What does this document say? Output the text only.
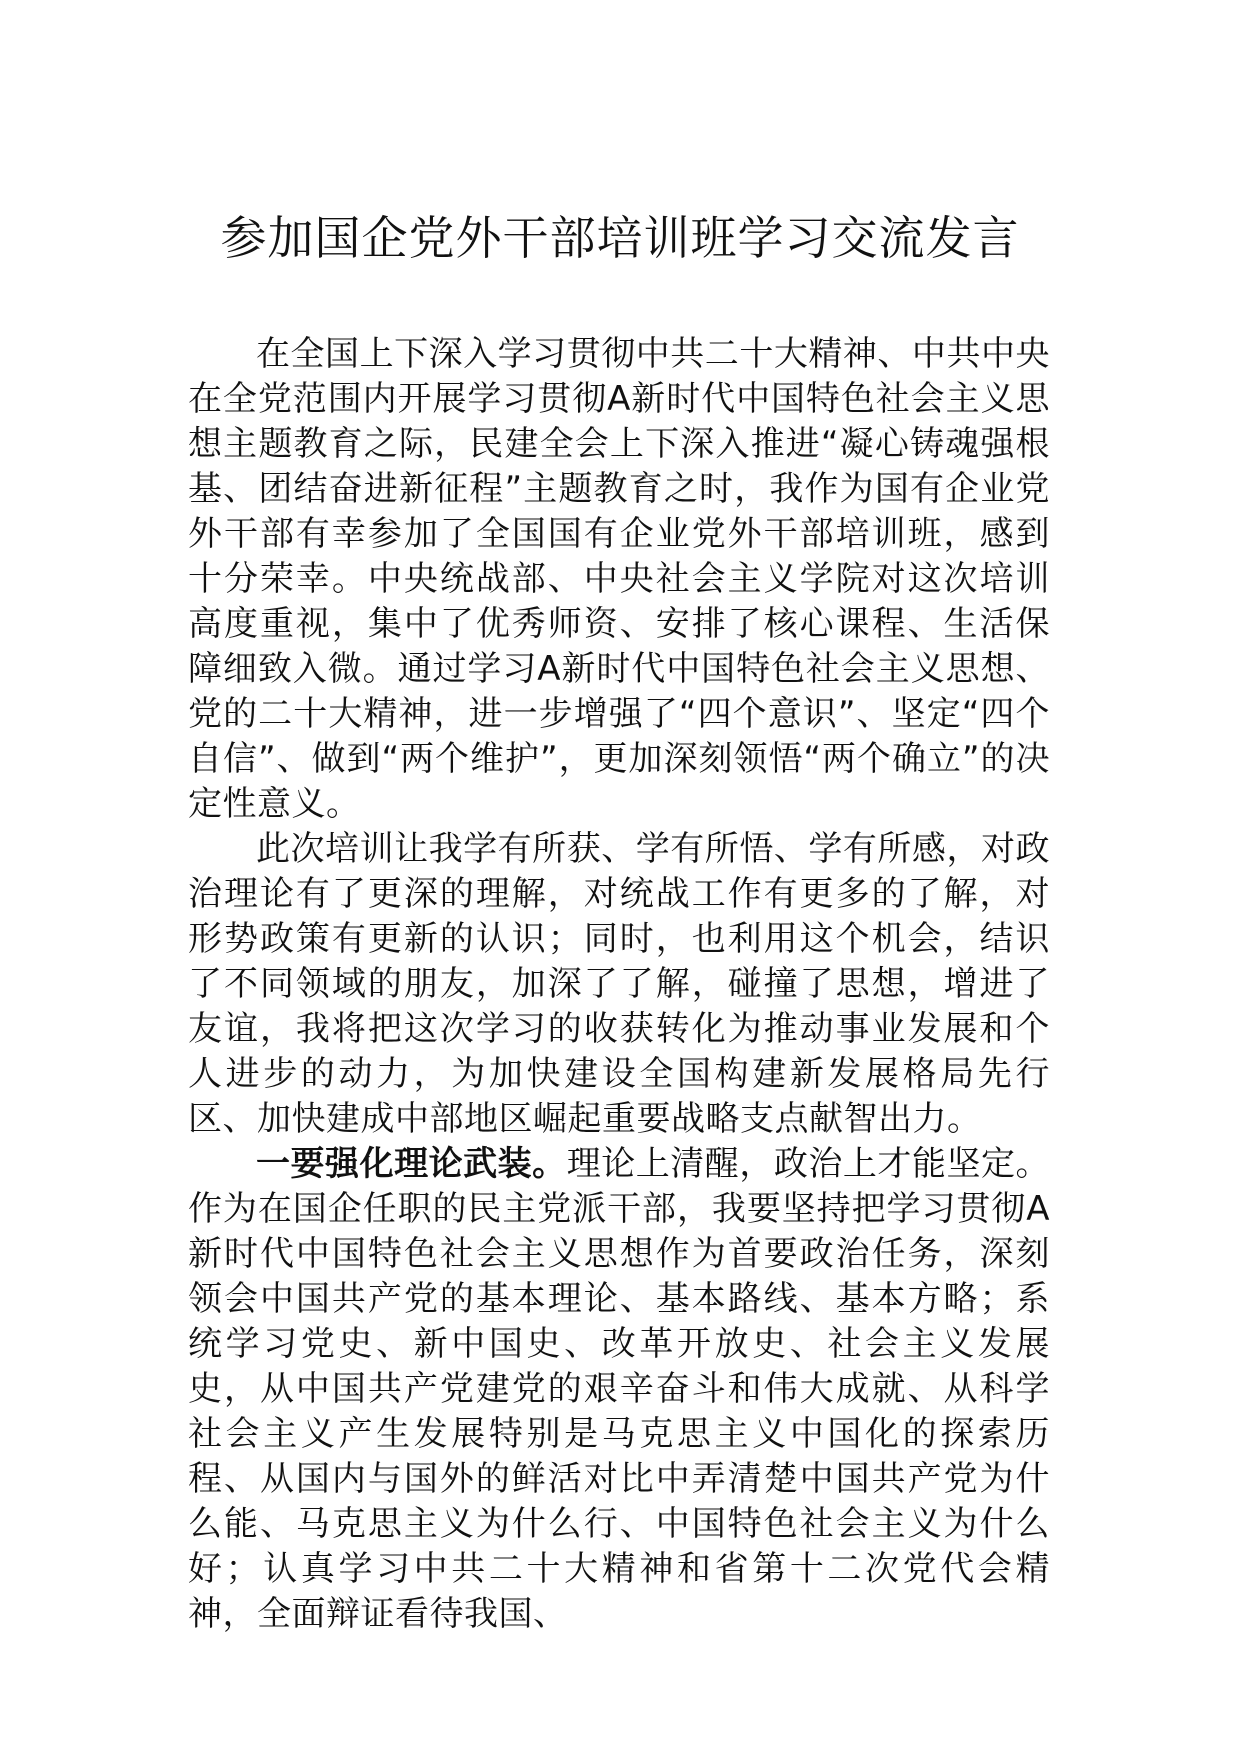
参加国企党外干部培训班学习交流发言

在全国上下深入学习贯彻中共二十大精神、中共中央在全党范围内开展学习贯彻A新时代中国特色社会主义思想主题教育之际，民建全会上下深入推进“凝心铸魂强根基、团结奋进新征程”主题教育之时，我作为国有企业党外干部有幸参加了全国国有企业党外干部培训班，感到十分荣幸。中央统战部、中央社会主义学院对这次培训高度重视，集中了优秀师资、安排了核心课程、生活保障细致入微。通过学习A新时代中国特色社会主义思想、党的二十大精神，进一步增强了“四个意识”、坚定“四个自信”、做到“两个维护”，更加深刻领悟“两个确立”的决定性意义。

此次培训让我学有所获、学有所悟、学有所感，对政治理论有了更深的理解，对统战工作有更多的了解，对形势政策有更新的认识；同时，也利用这个机会，结识了不同领域的朋友，加深了了解，碰撞了思想，增进了友谊，我将把这次学习的收获转化为推动事业发展和个人进步的动力，为加快建设全国构建新发展格局先行区、加快建成中部地区崛起重要战略支点献智出力。

一要强化理论武装。理论上清醒，政治上才能坚定。作为在国企任职的民主党派干部，我要坚持把学习贯彻A新时代中国特色社会主义思想作为首要政治任务，深刻领会中国共产党的基本理论、基本路线、基本方略；系统学习党史、新中国史、改革开放史、社会主义发展史，从中国共产党建党的艰辛奋斗和伟大成就、从科学社会主义产生发展特别是马克思主义中国化的探索历程、从国内与国外的鲜活对比中弄清楚中国共产党为什么能、马克思主义为什么行、中国特色社会主义为什么好；认真学习中共二十大精神和省第十二次党代会精神，全面辩证看待我国、
